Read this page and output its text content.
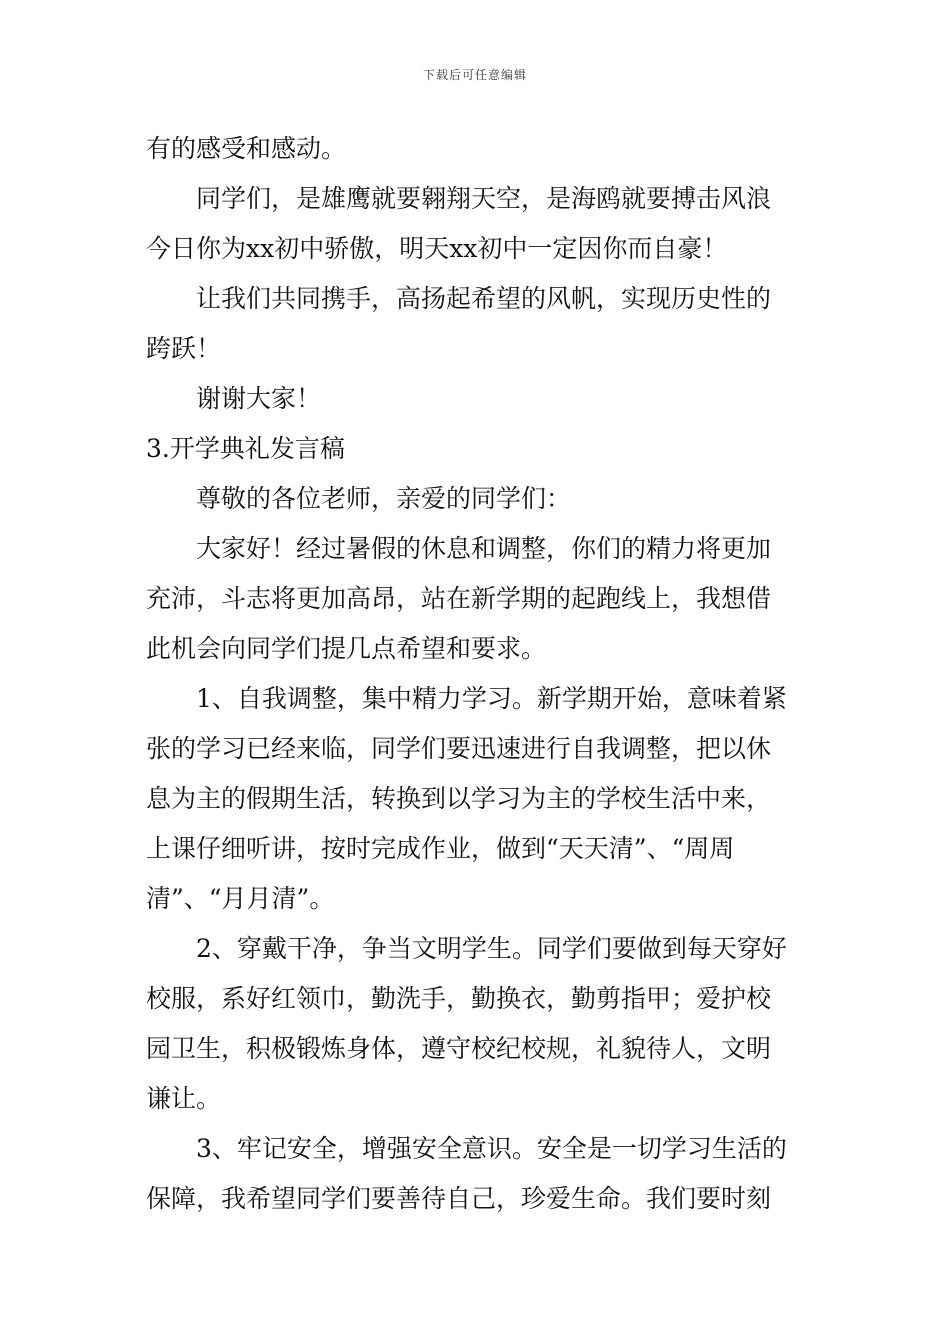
下载后可任意编辑
有的感受和感动。
同学们，是雄鹰就要翱翔天空，是海鸥就要搏击风浪
今日你为xx初中骄傲，明天xx初中一定因你而自豪！
让我们共同携手，高扬起希望的风帆，实现历史性的
跨跃！
谢谢大家！
3.开学典礼发言稿
尊敬的各位老师，亲爱的同学们：
大家好！经过暑假的休息和调整，你们的精力将更加
充沛，斗志将更加高昂，站在新学期的起跑线上，我想借
此机会向同学们提几点希望和要求。
1、自我调整，集中精力学习。新学期开始，意味着紧
张的学习已经来临，同学们要迅速进行自我调整，把以休
息为主的假期生活，转换到以学习为主的学校生活中来，
上课仔细听讲，按时完成作业，做到“天天清”、“周周
清”、“月月清”。
2、穿戴干净，争当文明学生。同学们要做到每天穿好
校服，系好红领巾，勤洗手，勤换衣，勤剪指甲；爱护校
园卫生，积极锻炼身体，遵守校纪校规，礼貌待人，文明
谦让。
3、牢记安全，增强安全意识。安全是一切学习生活的
保障，我希望同学们要善待自己，珍爱生命。我们要时刻
